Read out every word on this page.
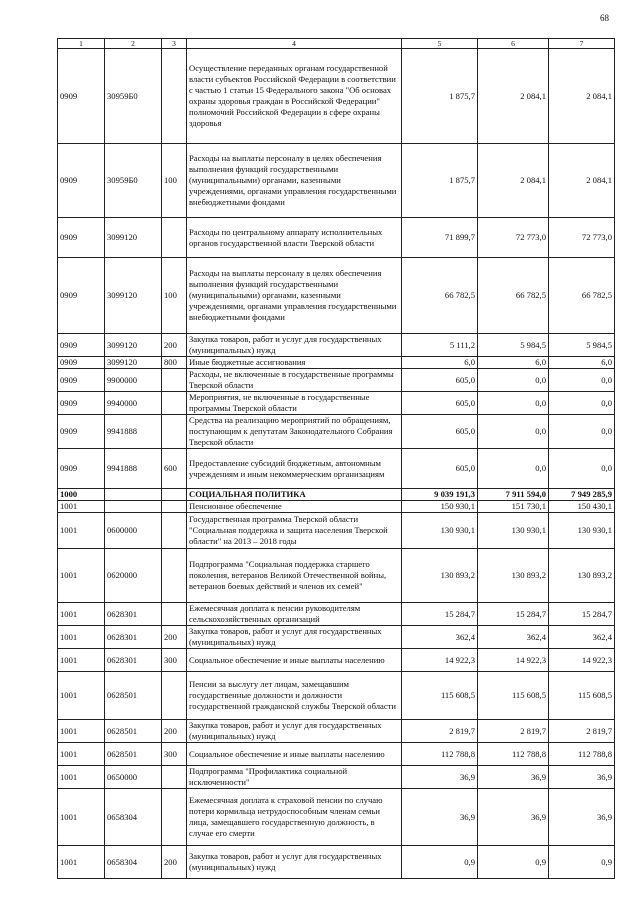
68
1	2	3	4	5	6	7
0909	30959Б0		Осуществление переданных органам государственной власти субъектов Российской Федерации в соответствии с частью 1 статьи 15 Федерального закона "Об основах охраны здоровья граждан в Российской Федерации" полномочий Российской Федерации в сфере охраны здоровья	1 875,7	2 084,1	2 084,1
0909	30959Б0	100	Расходы на выплаты персоналу в целях обеспечения выполнения функций государственными (муниципальными) органами, казенными учреждениями, органами управления государственными внебюджетными фондами	1 875,7	2 084,1	2 084,1
0909	3099120		Расходы по центральному аппарату исполнительных органов государственной власти Тверской области	71 899,7	72 773,0	72 773,0
0909	3099120	100	Расходы на выплаты персоналу в целях обеспечения выполнения функций государственными (муниципальными) органами, казенными учреждениями, органами управления государственными внебюджетными фондами	66 782,5	66 782,5	66 782,5
0909	3099120	200	Закупка товаров, работ и услуг для государственных (муниципальных) нужд	5 111,2	5 984,5	5 984,5
0909	3099120	800	Иные бюджетные ассигнования	6,0	6,0	6,0
0909	9900000		Расходы, не включенные в государственные программы Тверской области	605,0	0,0	0,0
0909	9940000		Мероприятия, не включенные в государственные программы Тверской области	605,0	0,0	0,0
0909	9941888		Средства на реализацию мероприятий по обращениям, поступающим к депутатам Законодательного Собрания Тверской области	605,0	0,0	0,0
0909	9941888	600	Предоставление субсидий бюджетным, автономным учреждениям и иным некоммерческим организациям	605,0	0,0	0,0
1000			СОЦИАЛЬНАЯ ПОЛИТИКА	9 039 191,3	7 911 594,0	7 949 285,9
1001			Пенсионное обеспечение	150 930,1	151 730,1	150 430,1
1001	0600000		Государственная программа Тверской области "Социальная поддержка и защита населения Тверской области" на 2013 – 2018 годы	130 930,1	130 930,1	130 930,1
1001	0620000		Подпрограмма "Социальная поддержка старшего поколения, ветеранов Великой Отечественной войны, ветеранов боевых действий и членов их семей"	130 893,2	130 893,2	130 893,2
1001	0628301		Ежемесячная доплата к пенсии руководителям сельскохозяйственных организаций	15 284,7	15 284,7	15 284,7
1001	0628301	200	Закупка товаров, работ и услуг для государственных (муниципальных) нужд	362,4	362,4	362,4
1001	0628301	300	Социальное обеспечение и иные выплаты населению	14 922,3	14 922,3	14 922,3
1001	0628501		Пенсии за выслугу лет лицам, замещавшим государственные должности и должности государственной гражданской службы Тверской области	115 608,5	115 608,5	115 608,5
1001	0628501	200	Закупка товаров, работ и услуг для государственных (муниципальных) нужд	2 819,7	2 819,7	2 819,7
1001	0628501	300	Социальное обеспечение и иные выплаты населению	112 788,8	112 788,8	112 788,8
1001	0650000		Подпрограмма "Профилактика социальной исключенности"	36,9	36,9	36,9
1001	0658304		Ежемесячная доплата к страховой пенсии по случаю потери кормильца нетрудоспособным членам семьи лица, замещавшего государственную должность, в случае его смерти	36,9	36,9	36,9
1001	0658304	200	Закупка товаров, работ и услуг для государственных (муниципальных) нужд	0,9	0,9	0,9
